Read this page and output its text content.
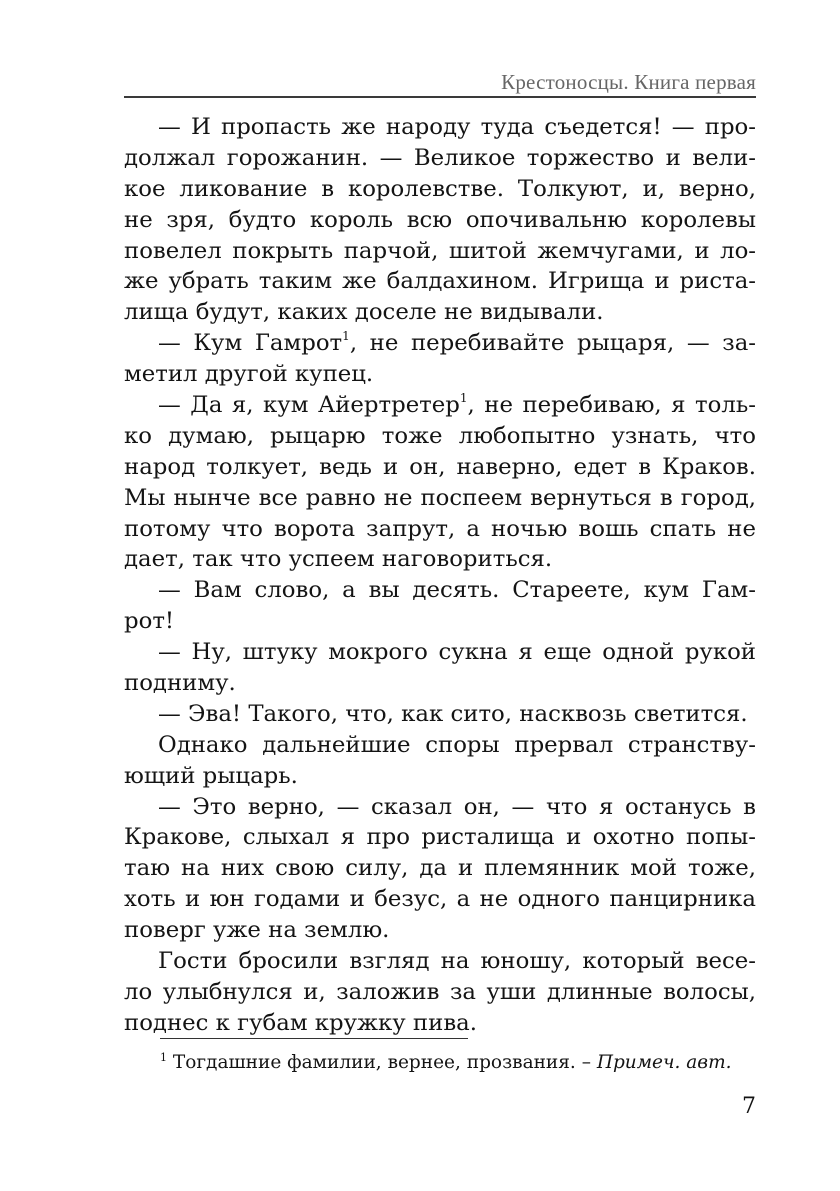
Крестоносцы. Книга первая
— И пропасть же народу туда съедется! — про-
должал горожанин. — Великое торжество и вели-
кое ликование в королевстве. Толкуют, и, верно,
не зря, будто король всю опочивальню королевы
повелел покрыть парчой, шитой жемчугами, и ло-
же убрать таким же балдахином. Игрища и риста-
лища будут, каких доселе не видывали.
— Кум Гамрот$^1$, не перебивайте рыцаря, — за-
метил другой купец.
— Да я, кум Айертретер$^1$, не перебиваю, я толь-
ко думаю, рыцарю тоже любопытно узнать, что
народ толкует, ведь и он, наверно, едет в Краков.
Мы нынче все равно не поспеем вернуться в город,
потому что ворота запрут, а ночью вошь спать не
дает, так что успеем наговориться.
— Вам слово, а вы десять. Стареете, кум Гам-
рот!
— Ну, штуку мокрого сукна я еще одной рукой
подниму.
— Эва! Такого, что, как сито, насквозь светится.
Однако дальнейшие споры прервал странству-
ющий рыцарь.
— Это верно, — сказал он, — что я останусь в
Кракове, слыхал я про ристалища и охотно попы-
таю на них свою силу, да и племянник мой тоже,
хоть и юн годами и безус, а не одного панцирника
поверг уже на землю.
Гости бросили взгляд на юношу, который весе-
ло улыбнулся и, заложив за уши длинные волосы,
поднес к губам кружку пива.
$^1$ Тогдашние фамилии, вернее, прозвания. – Примеч. авт.
7
